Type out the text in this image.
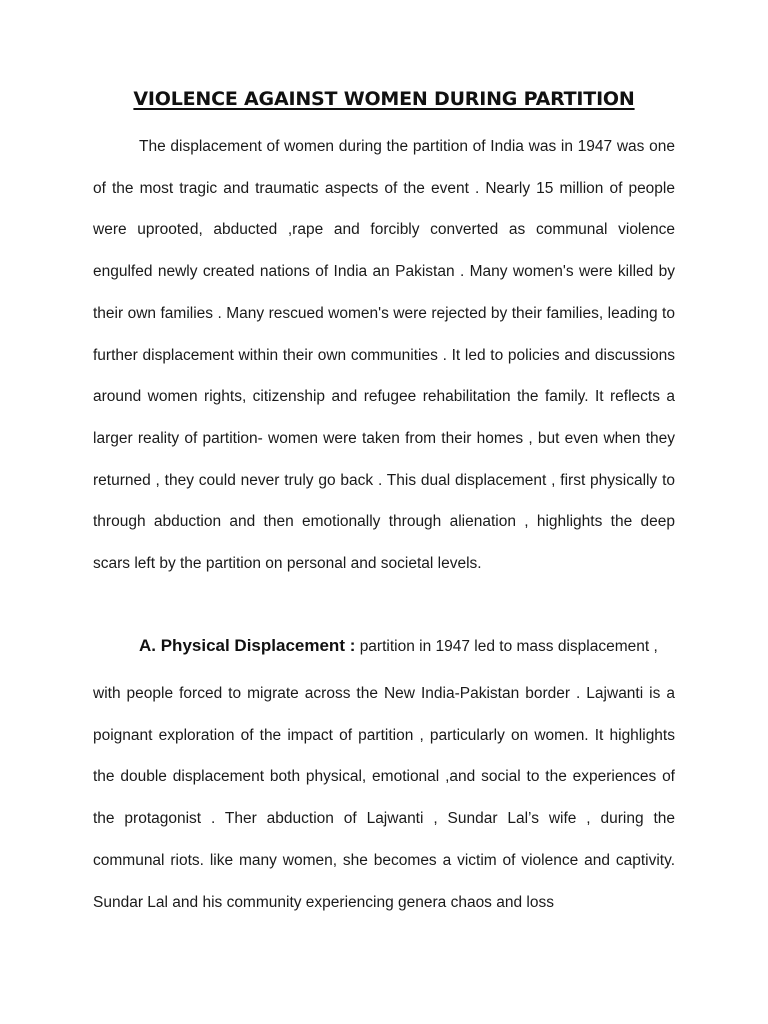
VIOLENCE AGAINST WOMEN DURING PARTITION
The displacement of women during the partition of India was in 1947 was one of the most tragic and traumatic aspects of the event . Nearly 15 million of people were uprooted, abducted ,rape and forcibly converted as communal violence engulfed newly created nations of India an Pakistan . Many women's were killed by their own families . Many rescued women's were rejected by their families, leading to further displacement within their own communities . It led to policies and discussions around women rights, citizenship and refugee rehabilitation the family. It reflects a larger reality of partition- women were taken from their homes , but even when they returned , they could never truly go back . This dual displacement , first physically to through abduction and then emotionally through alienation , highlights the deep scars left by the partition on personal and societal levels.
A. Physical Displacement : partition in 1947 led to mass displacement ,
with people forced to migrate across the New India-Pakistan border . Lajwanti is a poignant exploration of the impact of partition , particularly on women. It highlights the double displacement both physical, emotional ,and social to the experiences of the protagonist . Ther abduction of Lajwanti , Sundar Lal’s wife , during the communal riots. like many women, she becomes a victim of violence and captivity. Sundar Lal and his community experiencing genera chaos and loss
